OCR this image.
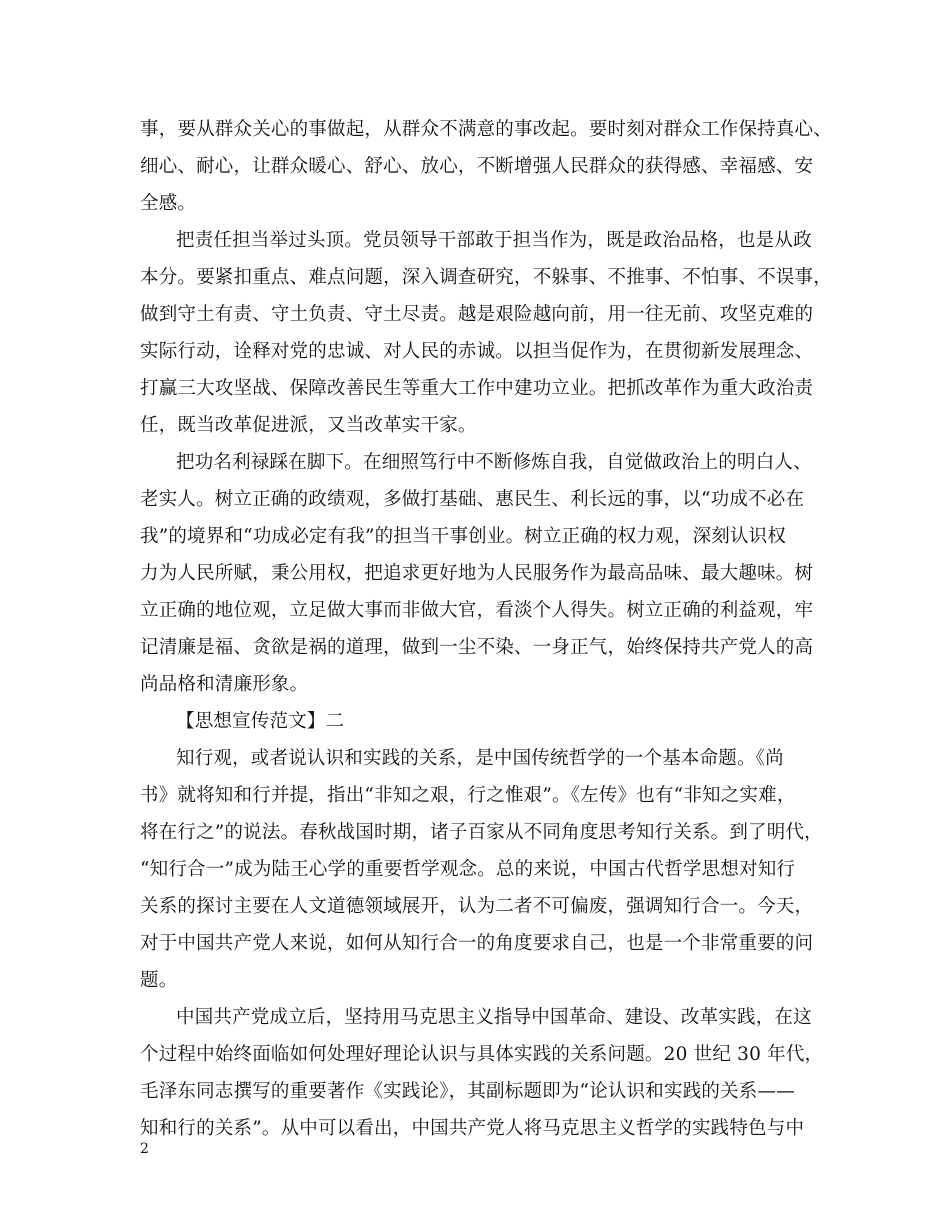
事，要从群众关心的事做起，从群众不满意的事改起。要时刻对群众工作保持真心、
细心、耐心，让群众暖心、舒心、放心，不断增强人民群众的获得感、幸福感、安
全感。
把责任担当举过头顶。党员领导干部敢于担当作为，既是政治品格，也是从政
本分。要紧扣重点、难点问题，深入调查研究，不躲事、不推事、不怕事、不误事，
做到守土有责、守土负责、守土尽责。越是艰险越向前，用一往无前、攻坚克难的
实际行动，诠释对党的忠诚、对人民的赤诚。以担当促作为，在贯彻新发展理念、
打赢三大攻坚战、保障改善民生等重大工作中建功立业。把抓改革作为重大政治责
任，既当改革促进派，又当改革实干家。
把功名利禄踩在脚下。在细照笃行中不断修炼自我，自觉做政治上的明白人、
老实人。树立正确的政绩观，多做打基础、惠民生、利长远的事，以“功成不必在
我”的境界和“功成必定有我”的担当干事创业。树立正确的权力观，深刻认识权
力为人民所赋，秉公用权，把追求更好地为人民服务作为最高品味、最大趣味。树
立正确的地位观，立足做大事而非做大官，看淡个人得失。树立正确的利益观，牢
记清廉是福、贪欲是祸的道理，做到一尘不染、一身正气，始终保持共产党人的高
尚品格和清廉形象。
【思想宣传范文】二
知行观，或者说认识和实践的关系，是中国传统哲学的一个基本命题。《尚
书》就将知和行并提，指出“非知之艰，行之惟艰”。《左传》也有“非知之实难，
将在行之”的说法。春秋战国时期，诸子百家从不同角度思考知行关系。到了明代，
“知行合一”成为陆王心学的重要哲学观念。总的来说，中国古代哲学思想对知行
关系的探讨主要在人文道德领域展开，认为二者不可偏废，强调知行合一。今天，
对于中国共产党人来说，如何从知行合一的角度要求自己，也是一个非常重要的问
题。
中国共产党成立后，坚持用马克思主义指导中国革命、建设、改革实践，在这
个过程中始终面临如何处理好理论认识与具体实践的关系问题。20 世纪 30 年代，
毛泽东同志撰写的重要著作《实践论》，其副标题即为“论认识和实践的关系——
知和行的关系”。从中可以看出，中国共产党人将马克思主义哲学的实践特色与中
2
